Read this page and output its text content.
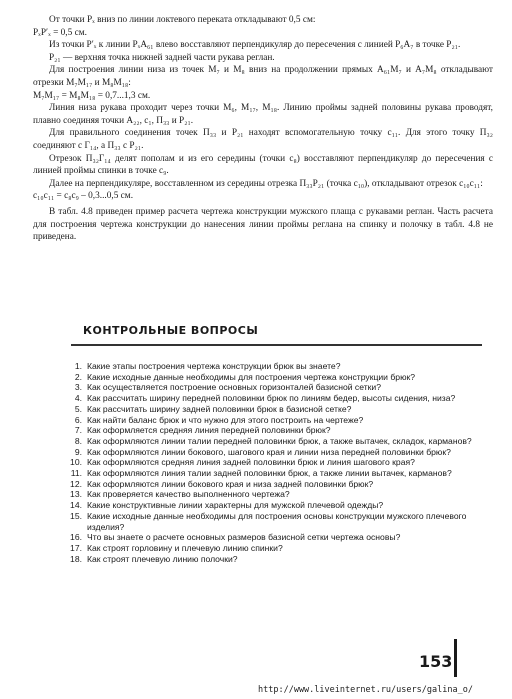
От точки Pₓ вниз по линии локтевого переката откладывают 0,5 см:

PₓP′ₓ = 0,5 см.

Из точки P′ₓ к линии PₓA₆₁ влево восставляют перпендикуляр до пересечения с линией P₆A₇ в точке P₂₁.

P₂₁ — верхняя точка нижней задней части рукава реглан.

Для построения линии низа из точек M₇ и M₈ вниз на продолжении прямых A₆₁M₇ и A₇M₈ откладывают отрезки M₇M₁₇ и M₈M₁₈:

M₇M₁₇ = M₈M₁₈ = 0,7...1,3 см.

Линия низа рукава проходит через точки M₆, M₁₇, M₁₈. Линию проймы задней половины рукава проводят, плавно соединяя точки A₂₂, c₁, П₃₃ и P₂₁.

Для правильного соединения точек П₃₃ и P₂₁ находят вспомогательную точку c₁₁. Для этого точку П₃₂ соединяют с Г₁₄, а П₃₃ с P₂₁.

Отрезок П₃₂Г₁₄ делят пополам и из его середины (точки c₈) восставляют перпендикуляр до пересечения с линией проймы спинки в точке c₉.

Далее на перпендикуляре, восставленном из середины отрезка П₃₃P₂₁ (точка c₁₀), откладывают отрезок c₁₀c₁₁:

c₁₀c₁₁ = c₈c₉ – 0,3...0,5 см.

В табл. 4.8 приведен пример расчета чертежа конструкции мужского плаща с рукавами реглан. Часть расчета для построения чертежа конструкции до нанесения линии проймы реглана на спинку и полочку в табл. 4.8 не приведена.

КОНТРОЛЬНЫЕ ВОПРОСЫ
1. Какие этапы построения чертежа конструкции брюк вы знаете?
2. Какие исходные данные необходимы для построения чертежа конструкции брюк?
3. Как осуществляется построение основных горизонталей базисной сетки?
4. Как рассчитать ширину передней половинки брюк по линиям бедер, высоты сидения, низа?
5. Как рассчитать ширину задней половинки брюк в базисной сетке?
6. Как найти баланс брюк и что нужно для этого построить на чертеже?
7. Как оформляется средняя линия передней половинки брюк?
8. Как оформляются линии талии передней половинки брюк, а также вытачек, складок, карманов?
9. Как оформляются линии бокового, шагового края и линии низа передней половинки брюк?
10. Как оформляются средняя линия задней половинки брюк и линия шагового края?
11. Как оформляются линия талии задней половинки брюк, а также линии вытачек, карманов?
12. Как оформляются линии бокового края и низа задней половинки брюк?
13. Как проверяется качество выполненного чертежа?
14. Какие конструктивные линии характерны для мужской плечевой одежды?
15. Какие исходные данные необходимы для построения основы конструкции мужского плечевого изделия?
16. Что вы знаете о расчете основных размеров базисной сетки чертежа основы?
17. Как строят горловину и плечевую линию спинки?
18. Как строят плечевую линию полочки?
153
http://www.liveinternet.ru/users/galina_o/
